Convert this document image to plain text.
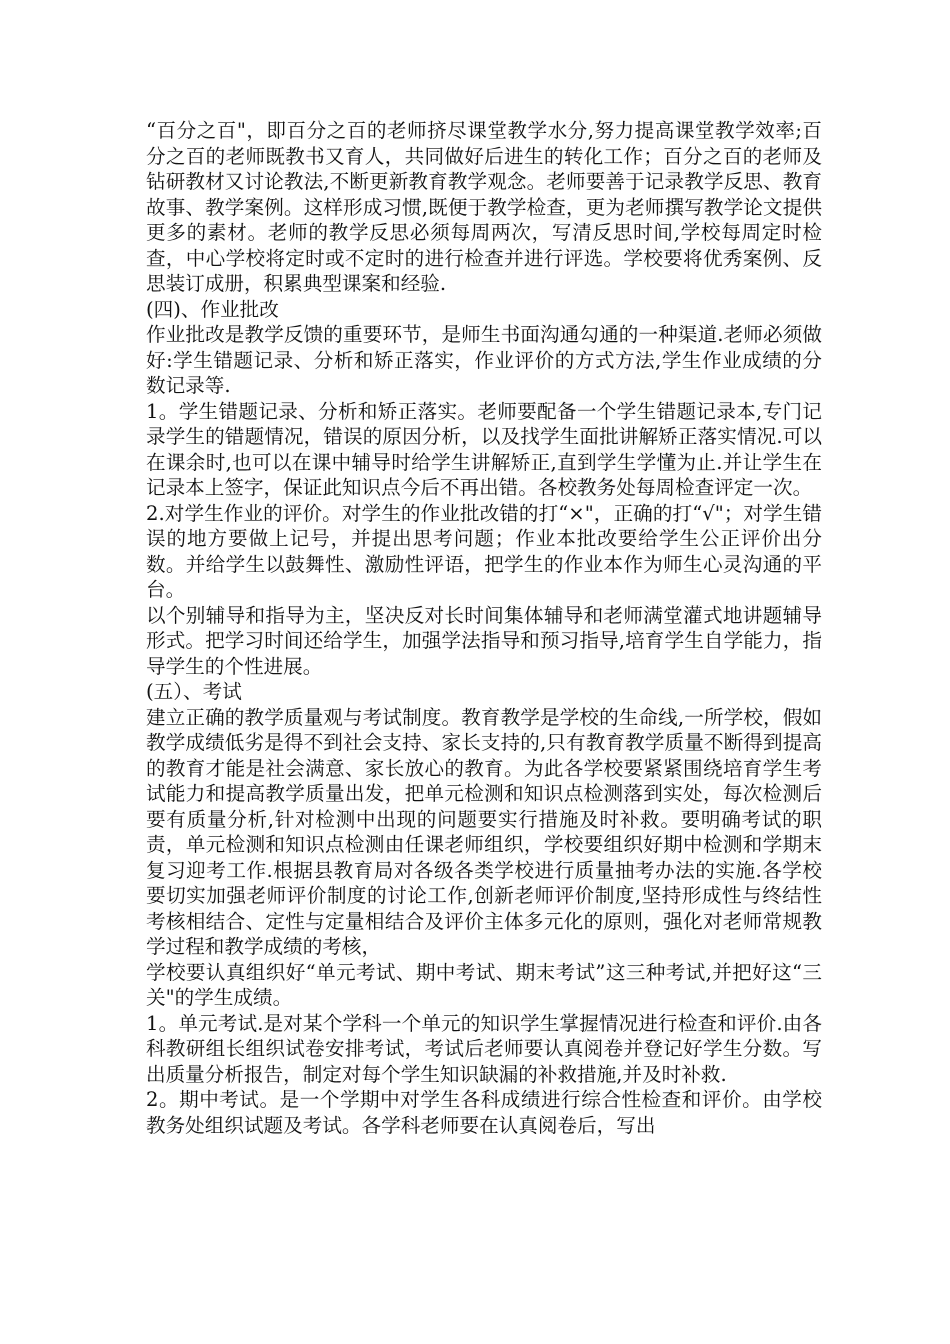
“百分之百"，即百分之百的老师挤尽课堂教学水分,努力提高课堂教学效率;百分之百的老师既教书又育人，共同做好后进生的转化工作；百分之百的老师及钻研教材又讨论教法,不断更新教育教学观念。老师要善于记录教学反思、教育故事、教学案例。这样形成习惯,既便于教学检查，更为老师撰写教学论文提供更多的素材。老师的教学反思必须每周两次，写清反思时间,学校每周定时检查，中心学校将定时或不定时的进行检查并进行评选。学校要将优秀案例、反思装订成册，积累典型课案和经验.

(四)、作业批改

作业批改是教学反馈的重要环节，是师生书面沟通勾通的一种渠道.老师必须做好:学生错题记录、分析和矫正落实，作业评价的方式方法,学生作业成绩的分数记录等.

1。学生错题记录、分析和矫正落实。老师要配备一个学生错题记录本,专门记录学生的错题情况，错误的原因分析，以及找学生面批讲解矫正落实情况.可以在课余时,也可以在课中辅导时给学生讲解矫正,直到学生学懂为止.并让学生在记录本上签字，保证此知识点今后不再出错。各校教务处每周检查评定一次。

2.对学生作业的评价。对学生的作业批改错的打“×"，正确的打“√"；对学生错误的地方要做上记号，并提出思考问题；作业本批改要给学生公正评价出分数。并给学生以鼓舞性、激励性评语，把学生的作业本作为师生心灵沟通的平台。

以个别辅导和指导为主，坚决反对长时间集体辅导和老师满堂灌式地讲题辅导形式。把学习时间还给学生，加强学法指导和预习指导,培育学生自学能力，指导学生的个性进展。

(五）、考试

建立正确的教学质量观与考试制度。教育教学是学校的生命线,一所学校，假如教学成绩低劣是得不到社会支持、家长支持的,只有教育教学质量不断得到提高的教育才能是社会满意、家长放心的教育。为此各学校要紧紧围绕培育学生考试能力和提高教学质量出发，把单元检测和知识点检测落到实处，每次检测后要有质量分析,针对检测中出现的问题要实行措施及时补救。要明确考试的职责，单元检测和知识点检测由任课老师组织，学校要组织好期中检测和学期末复习迎考工作.根据县教育局对各级各类学校进行质量抽考办法的实施.各学校要切实加强老师评价制度的讨论工作,创新老师评价制度,坚持形成性与终结性考核相结合、定性与定量相结合及评价主体多元化的原则，强化对老师常规教学过程和教学成绩的考核，

学校要认真组织好“单元考试、期中考试、期末考试”这三种考试,并把好这“三关"的学生成绩。

1。单元考试.是对某个学科一个单元的知识学生掌握情况进行检查和评价.由各科教研组长组织试卷安排考试，考试后老师要认真阅卷并登记好学生分数。写出质量分析报告，制定对每个学生知识缺漏的补救措施,并及时补救.

2。期中考试。是一个学期中对学生各科成绩进行综合性检查和评价。由学校教务处组织试题及考试。各学科老师要在认真阅卷后，写出
